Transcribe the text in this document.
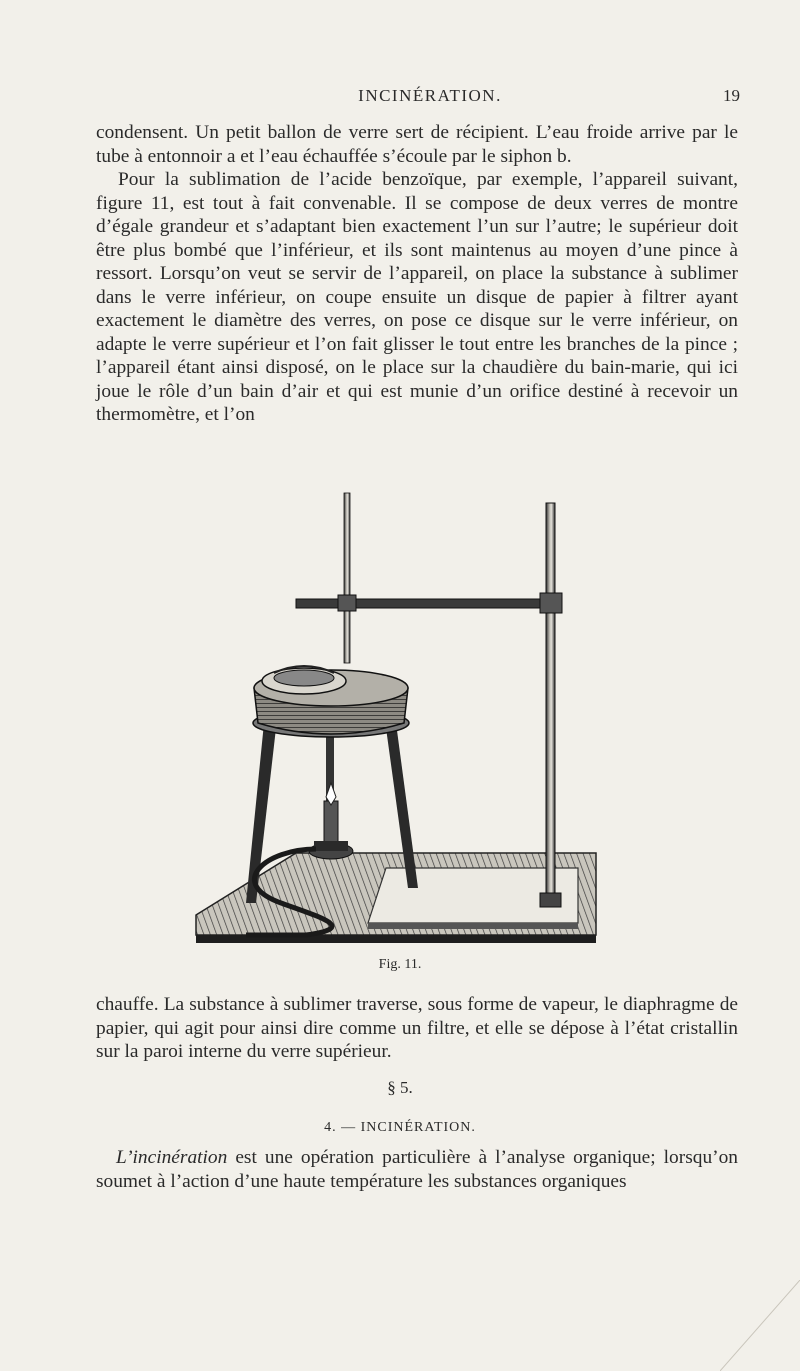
INCINÉRATION.	19

condensent. Un petit ballon de verre sert de récipient. L’eau froide arrive par le tube à entonnoir a et l’eau échauffée s’écoule par le siphon b.

Pour la sublimation de l’acide benzoïque, par exemple, l’appareil suivant, figure 11, est tout à fait convenable. Il se compose de deux verres de montre d’égale grandeur et s’adaptant bien exactement l’un sur l’autre; le supérieur doit être plus bombé que l’inférieur, et ils sont maintenus au moyen d’une pince à ressort. Lorsqu’on veut se servir de l’appareil, on place la substance à sublimer dans le verre inférieur, on coupe ensuite un disque de papier à filtrer ayant exactement le diamètre des verres, on pose ce disque sur le verre inférieur, on adapte le verre supérieur et l’on fait glisser le tout entre les branches de la pince ; l’appareil étant ainsi disposé, on le place sur la chaudière du bain-marie, qui ici joue le rôle d’un bain d’air et qui est munie d’un orifice destiné à recevoir un thermomètre, et l’on

Fig. 11.

chauffe. La substance à sublimer traverse, sous forme de vapeur, le diaphragme de papier, qui agit pour ainsi dire comme un filtre, et elle se dépose à l’état cristallin sur la paroi interne du verre supérieur.

§ 5.
4. — INCINÉRATION.

L’incinération est une opération particulière à l’analyse organique; lorsqu’on soumet à l’action d’une haute température les substances organiques
